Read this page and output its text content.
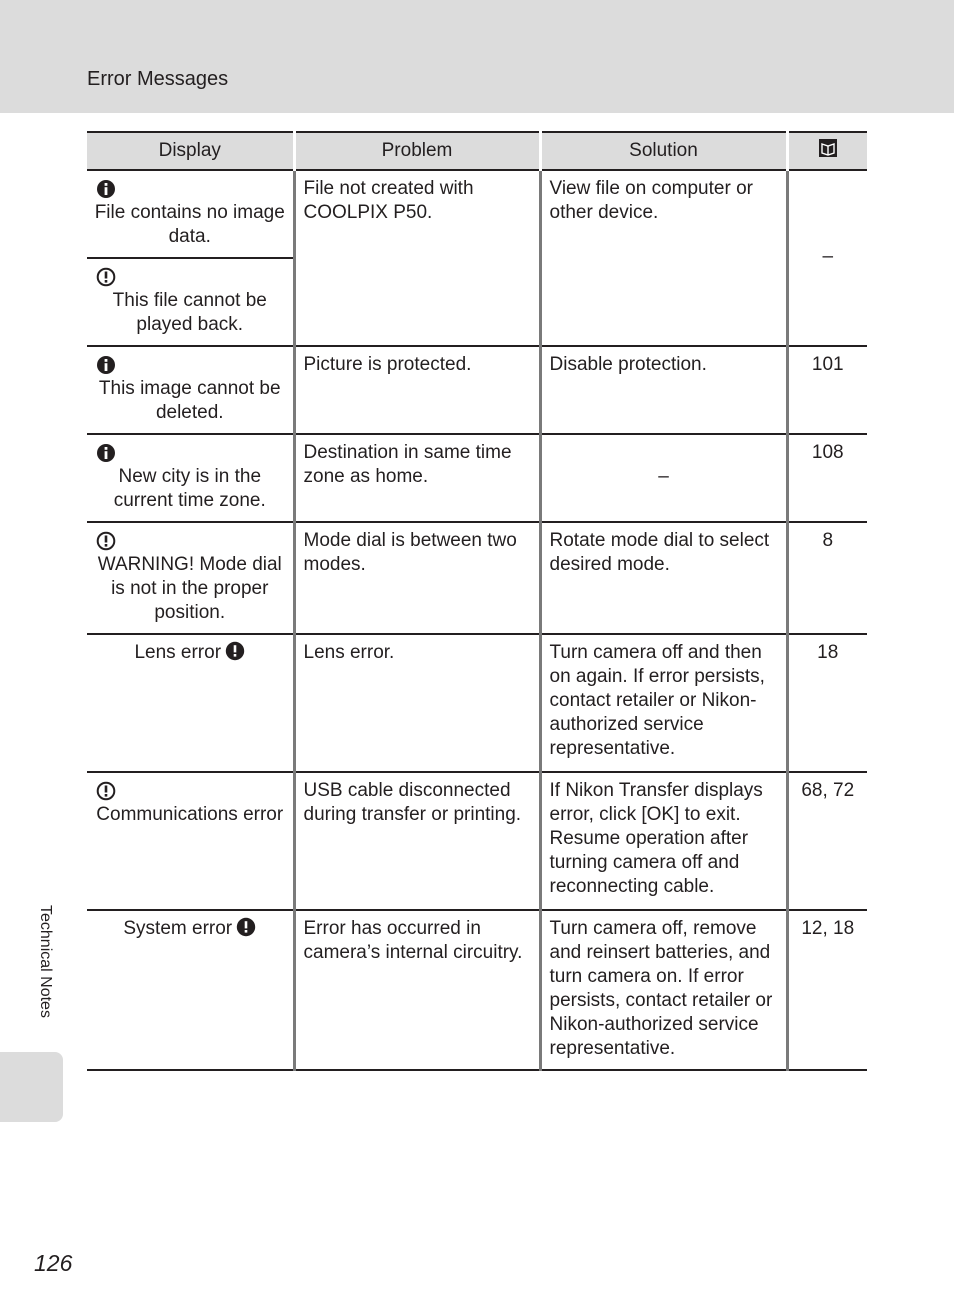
Error Messages
Display	Problem	Solution	

File contains no image data.	File not created with COOLPIX P50.	View file on computer or other device.	–

This file cannot be played back.			

This image cannot be deleted.	Picture is protected.	Disable protection.	101

New city is in the current time zone.	Destination in same time zone as home.	–	108

WARNING! Mode dial is not in the proper position.	Mode dial is between two modes.	Rotate mode dial to select desired mode.	8
Lens error	Lens error.	Turn camera off and then on again. If error persists, contact retailer or Nikon-authorized service representative.	18

Communications error	USB cable disconnected during transfer or printing.	If Nikon Transfer displays error, click [OK] to exit. Resume operation after turning camera off and reconnecting cable.	68, 72
System error	Error has occurred in camera’s internal circuitry.	Turn camera off, remove and reinsert batteries, and turn camera on. If error persists, contact retailer or Nikon-authorized service representative.	12, 18
Technical Notes
126
